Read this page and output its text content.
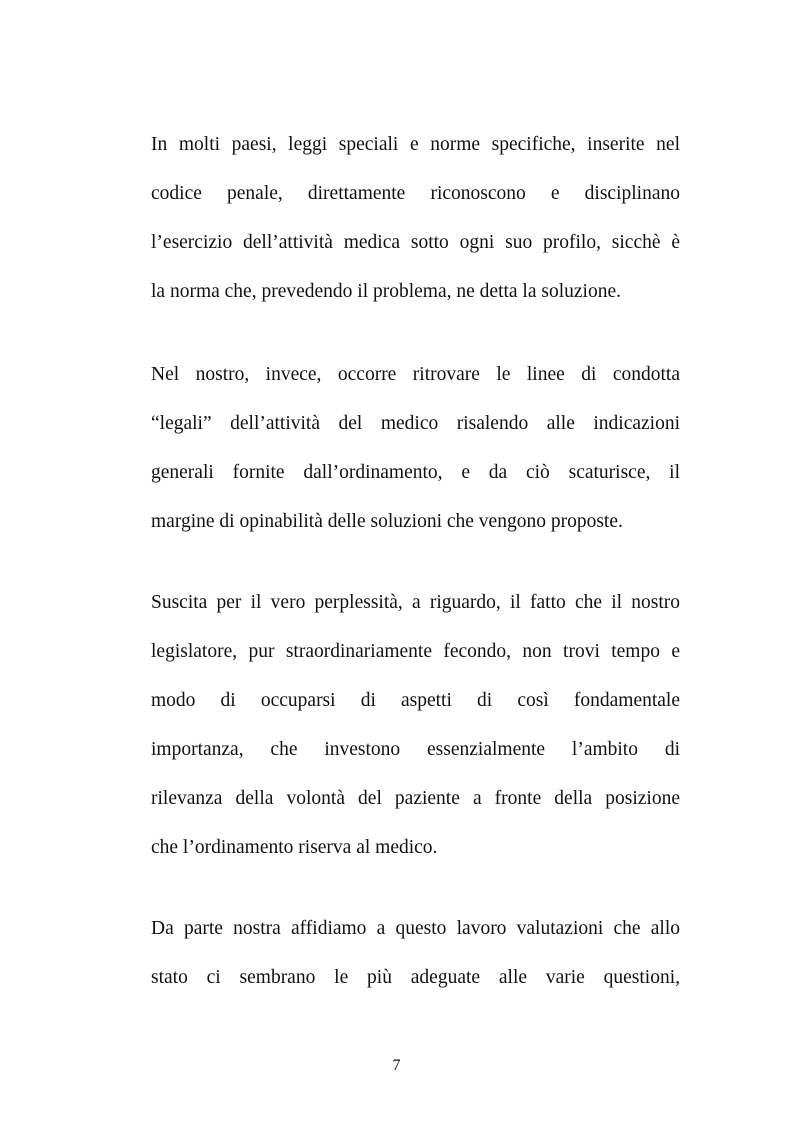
In molti paesi, leggi speciali e norme specifiche, inserite nel
codice penale, direttamente riconoscono e disciplinano
l’esercizio dell’attività medica sotto ogni suo profilo, sicchè è
la norma che, prevedendo il problema, ne detta la soluzione.
Nel nostro, invece, occorre ritrovare le linee di condotta
“legali” dell’attività del medico risalendo alle indicazioni
generali fornite dall’ordinamento, e da ciò scaturisce, il
margine di opinabilità delle soluzioni che vengono proposte.
Suscita per il vero perplessità, a riguardo, il fatto che il nostro
legislatore, pur straordinariamente fecondo, non trovi tempo e
modo di occuparsi di aspetti di così fondamentale
importanza, che investono essenzialmente l’ambito di
rilevanza della volontà del paziente a fronte della posizione
che l’ordinamento riserva al medico.
Da parte nostra affidiamo a questo lavoro valutazioni che allo
stato ci sembrano le più adeguate alle varie questioni,
7
